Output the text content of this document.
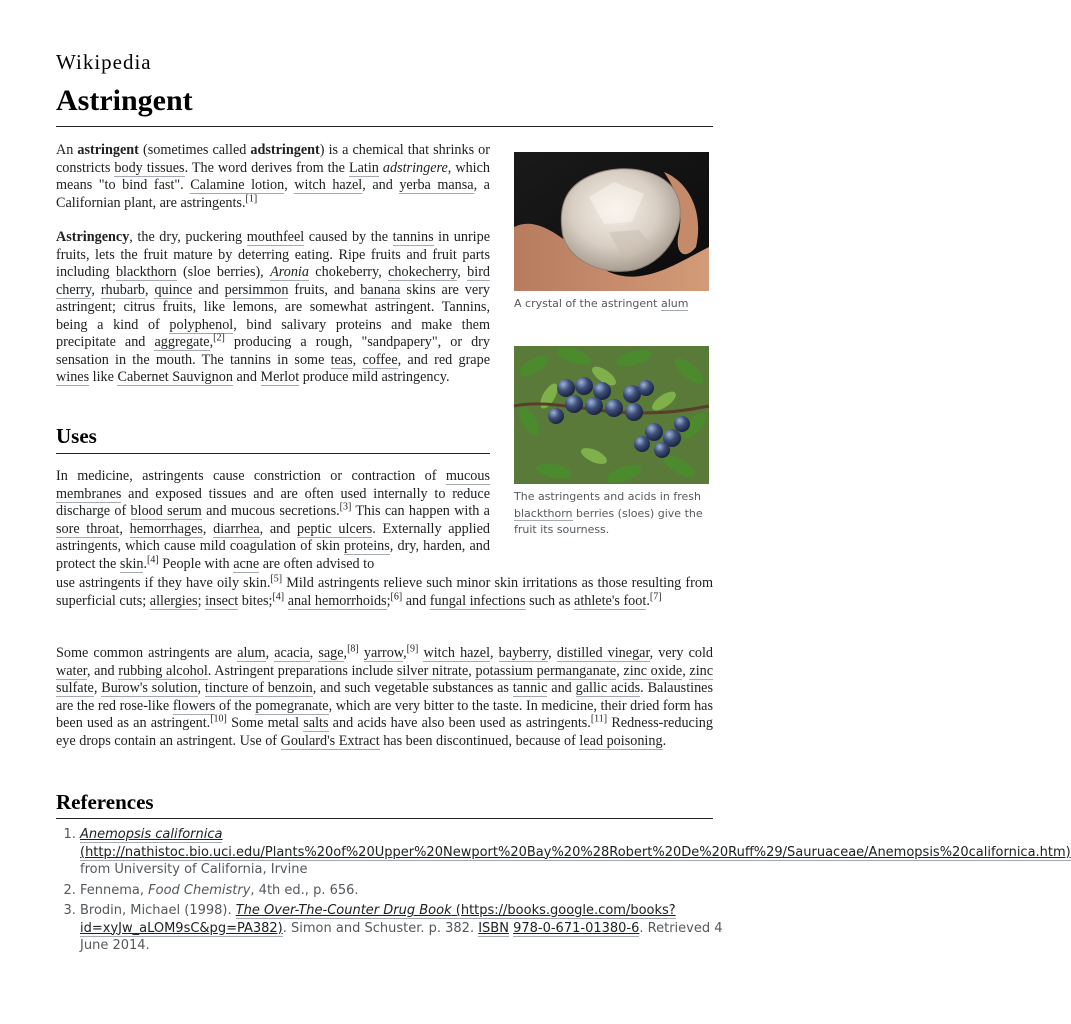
Wikipedia
Astringent

An astringent (sometimes called adstringent) is a chemical that shrinks or constricts body tissues. The word derives from the Latin adstringere, which means "to bind fast". Calamine lotion, witch hazel, and yerba mansa, a Californian plant, are astringents.[1]

Astringency, the dry, puckering mouthfeel caused by the tannins in unripe fruits, lets the fruit mature by deterring eating. Ripe fruits and fruit parts including blackthorn (sloe berries), Aronia chokeberry, chokecherry, bird cherry, rhubarb, quince and persimmon fruits, and banana skins are very astringent; citrus fruits, like lemons, are somewhat astringent. Tannins, being a kind of polyphenol, bind salivary proteins and make them precipitate and aggregate,[2] producing a rough, "sandpapery", or dry sensation in the mouth. The tannins in some teas, coffee, and red grape wines like Cabernet Sauvignon and Merlot produce mild astringency.

Uses

In medicine, astringents cause constriction or contraction of mucous membranes and exposed tissues and are often used internally to reduce discharge of blood serum and mucous secretions.[3] This can happen with a sore throat, hemorrhages, diarrhea, and peptic ulcers. Externally applied astringents, which cause mild coagulation of skin proteins, dry, harden, and protect the skin.[4] People with acne are often advised to

use astringents if they have oily skin.[5] Mild astringents relieve such minor skin irritations as those resulting from superficial cuts; allergies; insect bites;[4] anal hemorrhoids;[6] and fungal infections such as athlete's foot.[7]

Some common astringents are alum, acacia, sage,[8] yarrow,[9] witch hazel, bayberry, distilled vinegar, very cold water, and rubbing alcohol. Astringent preparations include silver nitrate, potassium permanganate, zinc oxide, zinc sulfate, Burow's solution, tincture of benzoin, and such vegetable substances as tannic and gallic acids. Balaustines are the red rose-like flowers of the pomegranate, which are very bitter to the taste. In medicine, their dried form has been used as an astringent.[10] Some metal salts and acids have also been used as astringents.[11] Redness-reducing eye drops contain an astringent. Use of Goulard's Extract has been discontinued, because of lead poisoning.

A crystal of the astringent alum
The astringents and acids in fresh blackthorn berries (sloes) give the fruit its sourness.
References
1. Anemopsis californica (http://nathistoc.bio.uci.edu/Plants%20of%20Upper%20Newport%20Bay%20%28Robert%20De%20Ruff%29/Sauruaceae/Anemopsis%20californica.htm) from University of California, Irvine
2. Fennema, Food Chemistry, 4th ed., p. 656.
3. Brodin, Michael (1998). The Over-The-Counter Drug Book (https://books.google.com/books?id=xyJw_aLOM9sC&pg=PA382). Simon and Schuster. p. 382. ISBN 978-0-671-01380-6. Retrieved 4 June 2014.
